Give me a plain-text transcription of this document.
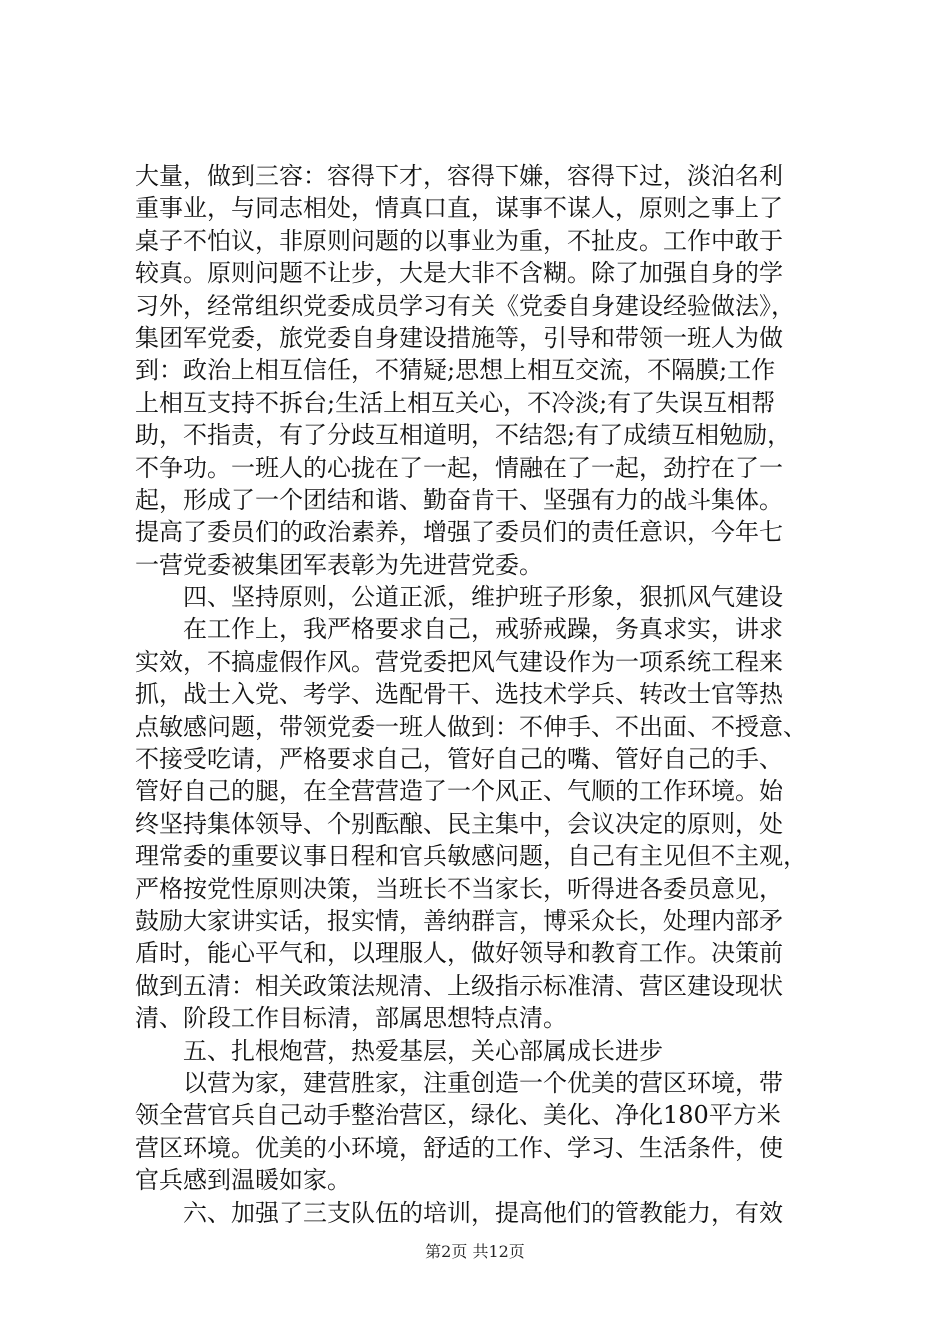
大量，做到三容：容得下才，容得下嫌，容得下过，淡泊名利
重事业，与同志相处，情真口直，谋事不谋人，原则之事上了
桌子不怕议，非原则问题的以事业为重，不扯皮。工作中敢于
较真。原则问题不让步，大是大非不含糊。除了加强自身的学
习外，经常组织党委成员学习有关《党委自身建设经验做法》，
集团军党委，旅党委自身建设措施等，引导和带领一班人为做
到：政治上相互信任，不猜疑;思想上相互交流，不隔膜;工作
上相互支持不拆台;生活上相互关心，不冷淡;有了失误互相帮
助，不指责，有了分歧互相道明，不结怨;有了成绩互相勉励，
不争功。一班人的心拢在了一起，情融在了一起，劲拧在了一
起，形成了一个团结和谐、勤奋肯干、坚强有力的战斗集体。
提高了委员们的政治素养，增强了委员们的责任意识，今年七
一营党委被集团军表彰为先进营党委。
　　四、坚持原则，公道正派，维护班子形象，狠抓风气建设
　　在工作上，我严格要求自己，戒骄戒躁，务真求实，讲求
实效，不搞虚假作风。营党委把风气建设作为一项系统工程来
抓，战士入党、考学、选配骨干、选技术学兵、转改士官等热
点敏感问题，带领党委一班人做到：不伸手、不出面、不授意、
不接受吃请，严格要求自己，管好自己的嘴、管好自己的手、
管好自己的腿，在全营营造了一个风正、气顺的工作环境。始
终坚持集体领导、个别酝酿、民主集中，会议决定的原则，处
理常委的重要议事日程和官兵敏感问题，自己有主见但不主观，
严格按党性原则决策，当班长不当家长，听得进各委员意见，
鼓励大家讲实话，报实情，善纳群言，博采众长，处理内部矛
盾时，能心平气和，以理服人，做好领导和教育工作。决策前
做到五清：相关政策法规清、上级指示标准清、营区建设现状
清、阶段工作目标清，部属思想特点清。
　　五、扎根炮营，热爱基层，关心部属成长进步
　　以营为家，建营胜家，注重创造一个优美的营区环境，带
领全营官兵自己动手整治营区，绿化、美化、净化180平方米
营区环境。优美的小环境，舒适的工作、学习、生活条件，使
官兵感到温暖如家。
　　六、加强了三支队伍的培训，提高他们的管教能力，有效
第2页 共12页
